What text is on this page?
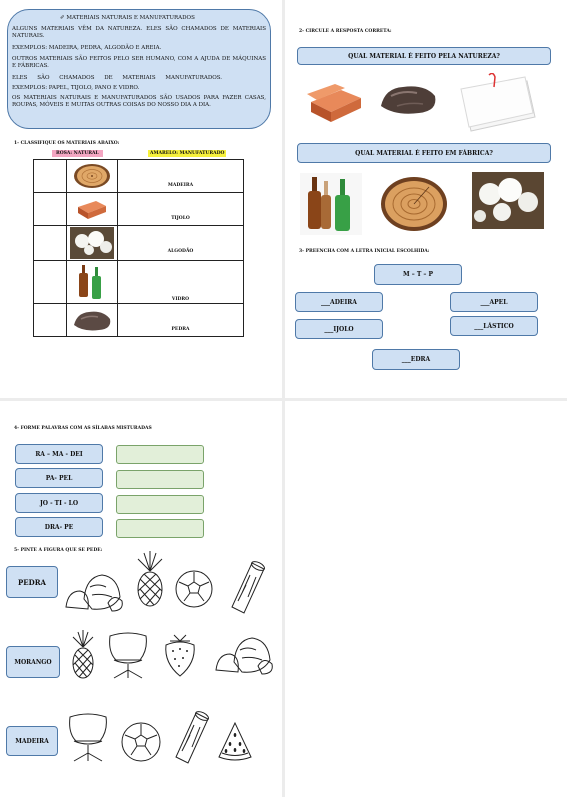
✐ MATERIAIS NATURAIS E MANUFATURADOS
ALGUNS MATERIAIS VÊM DA NATUREZA. ELES SÃO CHAMADOS DE MATERIAIS NATURAIS.
EXEMPLOS: MADEIRA, PEDRA, ALGODÃO E AREIA.
OUTROS MATERIAIS SÃO FEITOS PELO SER HUMANO, COM A AJUDA DE MÁQUINAS E FÁBRICAS.
ELES SÃO CHAMADOS DE MATERIAIS MANUFATURADOS.
EXEMPLOS: PAPEL, TIJOLO, PANO E VIDRO.
OS MATERIAIS NATURAIS E MANUFATURADOS SÃO USADOS PARA FAZER CASAS, ROUPAS, MÓVEIS E MUITAS OUTRAS COISAS DO NOSSO DIA A DIA.
1- CLASSIFIQUE OS MATERIAIS ABAIXO:
ROSA: NATURAL	AMARELO: MANUFATURADO

	MADEIRA

	TIJOLO

	ALGODÃO

	VIDRO

	PEDRA
2- CIRCULE A RESPOSTA CORRETA:
QUAL MATERIAL É FEITO PELA NATUREZA?
QUAL MATERIAL É FEITO EM FÁBRICA?
3- PREENCHA COM A LETRA INICIAL ESCOLHIDA:
M – T – P
___ADEIRA	___APEL
___IJOLO	___LÁSTICO
___EDRA
4- FORME PALAVRAS COM AS SÍLABAS MISTURADAS
RA – MA - DEI
PA- PEL
JO - TI - LO
DRA- PE
5- PINTE A FIGURA QUE SE PEDE:
PEDRA
MORANGO
MADEIRA
